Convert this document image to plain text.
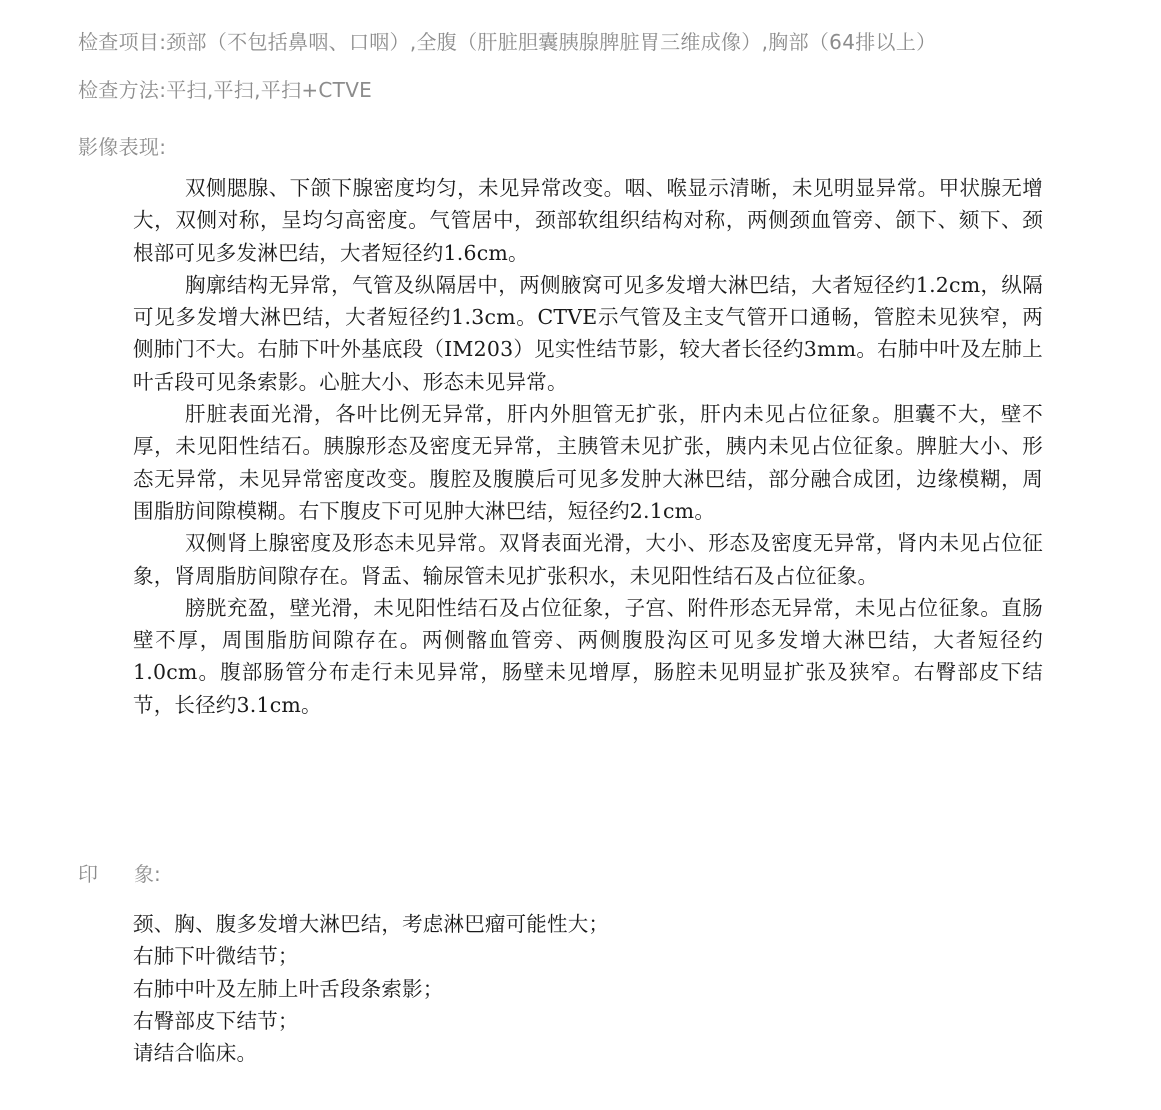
检查项目:颈部（不包括鼻咽、口咽）,全腹（肝脏胆囊胰腺脾脏胃三维成像）,胸部（64排以上）
检查方法:平扫,平扫,平扫+CTVE
影像表现:

双侧腮腺、下颌下腺密度均匀，未见异常改变。咽、喉显示清晰，未见明显异常。甲状腺无增大，双侧对称，呈均匀高密度。气管居中，颈部软组织结构对称，两侧颈血管旁、颌下、颏下、颈根部可见多发淋巴结，大者短径约1.6cm。

胸廓结构无异常，气管及纵隔居中，两侧腋窝可见多发增大淋巴结，大者短径约1.2cm，纵隔可见多发增大淋巴结，大者短径约1.3cm。CTVE示气管及主支气管开口通畅，管腔未见狭窄，两侧肺门不大。右肺下叶外基底段（IM203）见实性结节影，较大者长径约3mm。右肺中叶及左肺上叶舌段可见条索影。心脏大小、形态未见异常。

肝脏表面光滑，各叶比例无异常，肝内外胆管无扩张，肝内未见占位征象。胆囊不大，壁不厚，未见阳性结石。胰腺形态及密度无异常，主胰管未见扩张，胰内未见占位征象。脾脏大小、形态无异常，未见异常密度改变。腹腔及腹膜后可见多发肿大淋巴结，部分融合成团，边缘模糊，周围脂肪间隙模糊。右下腹皮下可见肿大淋巴结，短径约2.1cm。

双侧肾上腺密度及形态未见异常。双肾表面光滑，大小、形态及密度无异常，肾内未见占位征象，肾周脂肪间隙存在。肾盂、输尿管未见扩张积水，未见阳性结石及占位征象。

膀胱充盈，壁光滑，未见阳性结石及占位征象，子宫、附件形态无异常，未见占位征象。直肠壁不厚，周围脂肪间隙存在。两侧髂血管旁、两侧腹股沟区可见多发增大淋巴结，大者短径约1.0cm。腹部肠管分布走行未见异常，肠壁未见增厚，肠腔未见明显扩张及狭窄。右臀部皮下结节，长径约3.1cm。

印 象:
颈、胸、腹多发增大淋巴结，考虑淋巴瘤可能性大；
右肺下叶微结节；
右肺中叶及左肺上叶舌段条索影；
右臀部皮下结节；
请结合临床。
